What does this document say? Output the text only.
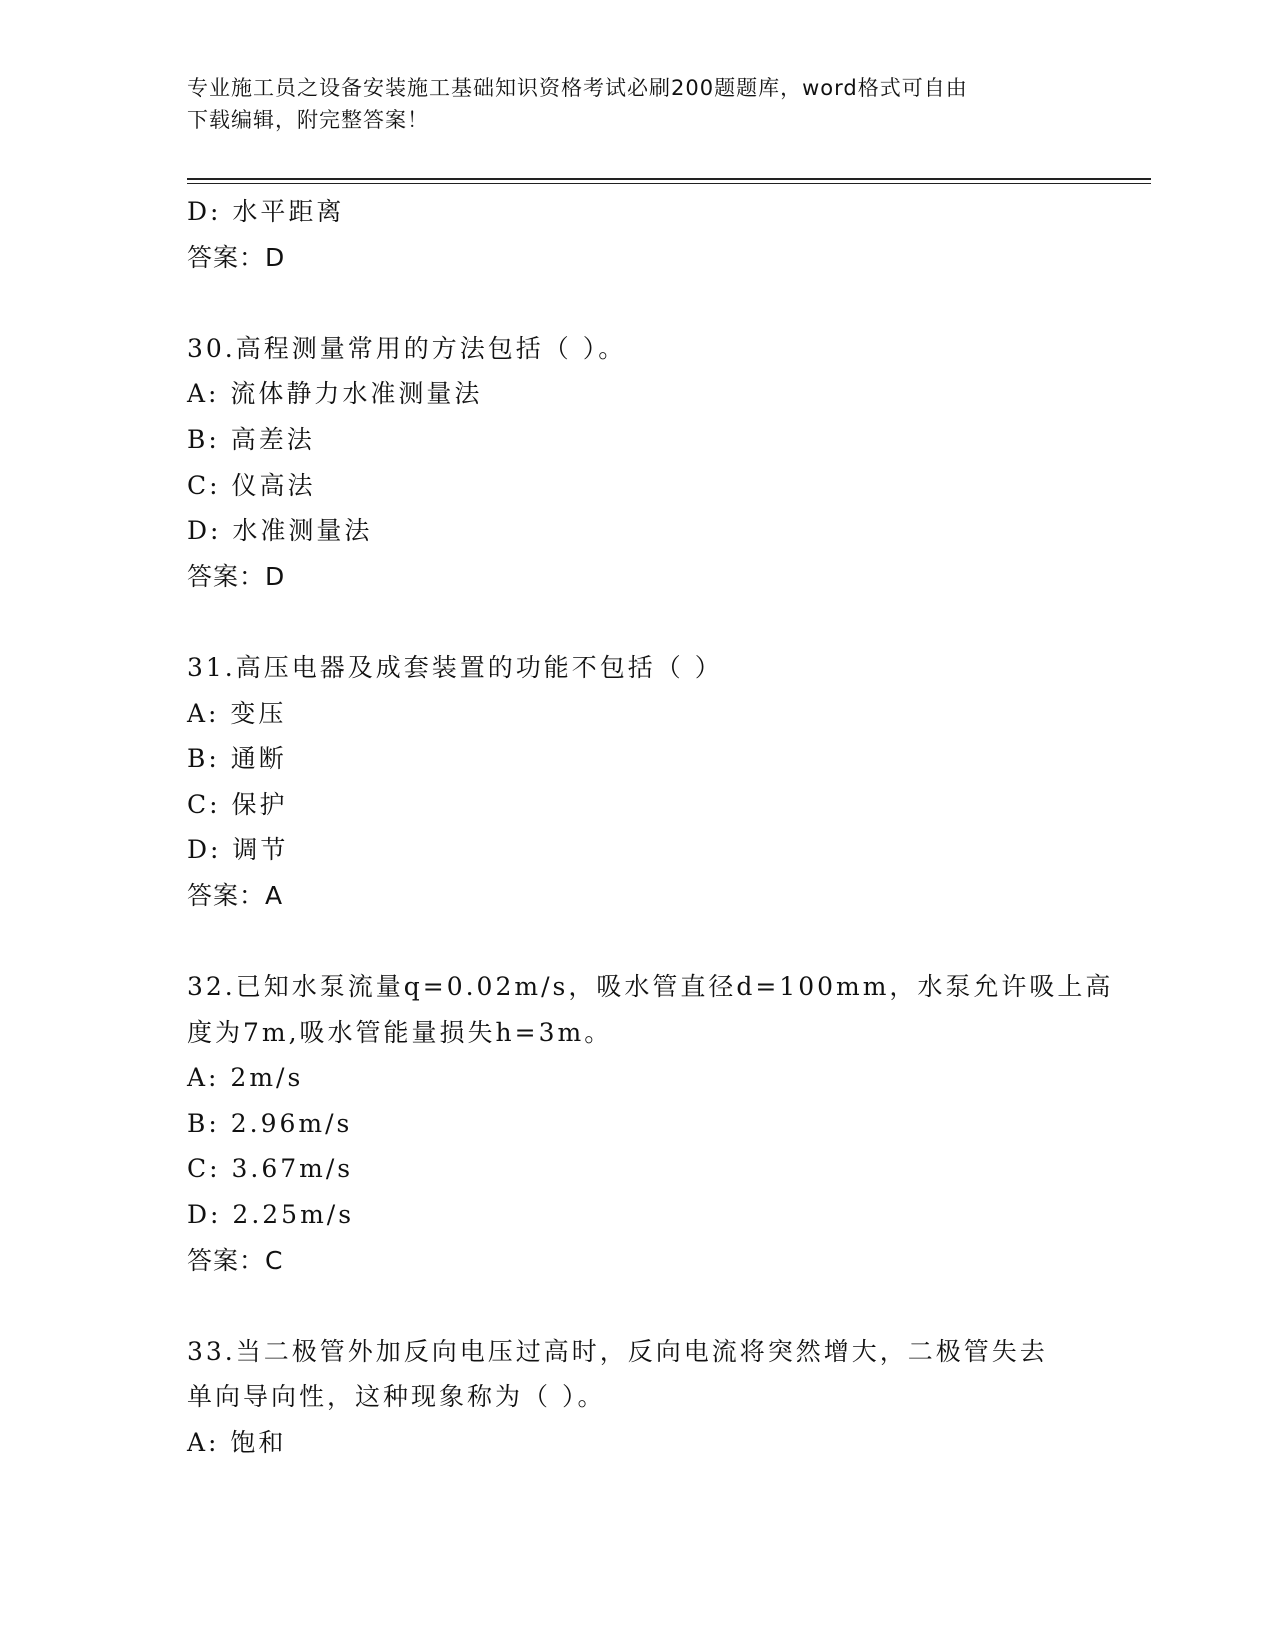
专业施工员之设备安装施工基础知识资格考试必刷200题题库，word格式可自由
下载编辑，附完整答案！
D: 水平距离
答案：D
30.高程测量常用的方法包括（ ）。
A: 流体静力水准测量法
B: 高差法
C: 仪高法
D: 水准测量法
答案：D
31.高压电器及成套装置的功能不包括（ ）
A: 变压
B: 通断
C: 保护
D: 调节
答案：A
32.已知水泵流量q=0.02m/s，吸水管直径d=100mm，水泵允许吸上高
度为7m,吸水管能量损失h=3m。
A: 2m/s
B: 2.96m/s
C: 3.67m/s
D: 2.25m/s
答案：C
33.当二极管外加反向电压过高时，反向电流将突然增大，二极管失去
单向导向性，这种现象称为（ ）。
A: 饱和
